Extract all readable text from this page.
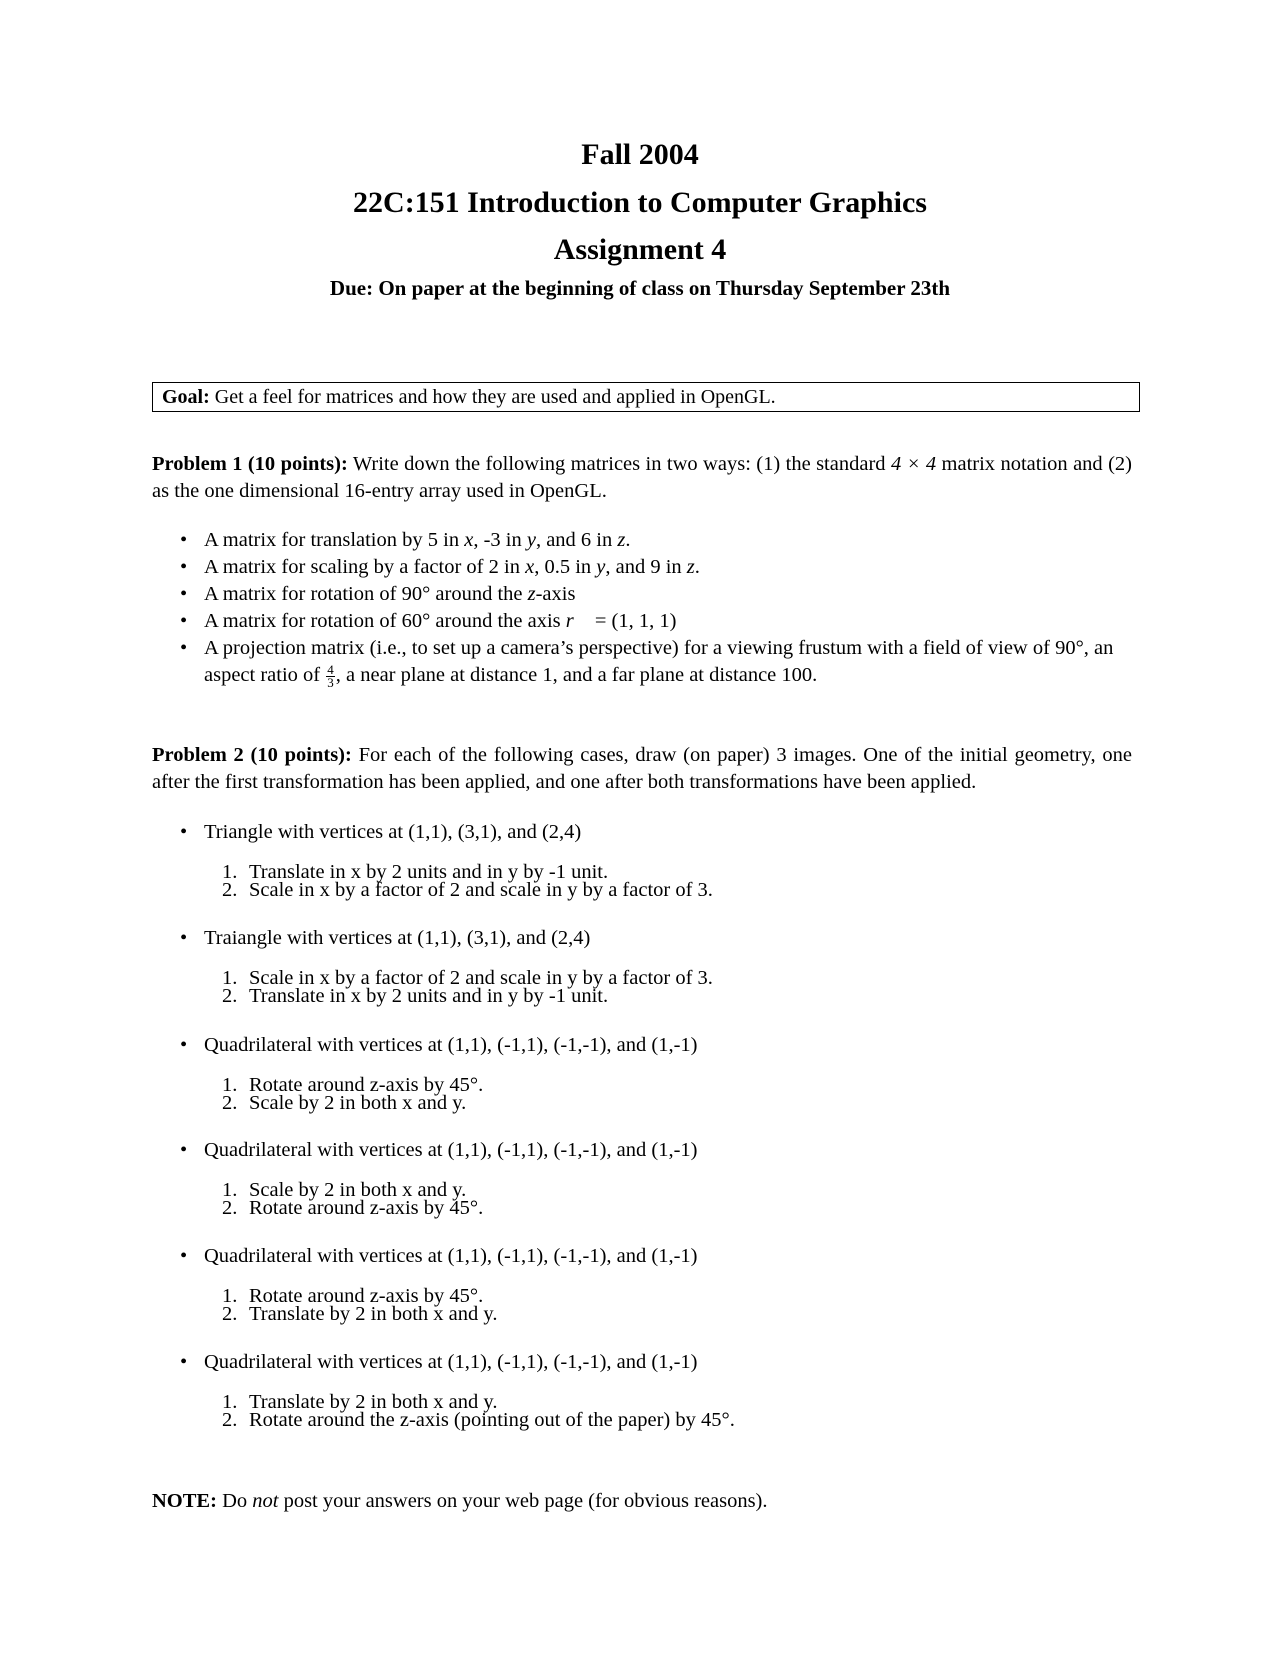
Fall 2004
22C:151 Introduction to Computer Graphics
Assignment 4
Due: On paper at the beginning of class on Thursday September 23th
Goal: Get a feel for matrices and how they are used and applied in OpenGL.
Problem 1 (10 points): Write down the following matrices in two ways: (1) the standard 4 × 4 matrix notation and (2) as the one dimensional 16-entry array used in OpenGL.
• A matrix for translation by 5 in x, -3 in y, and 6 in z.
• A matrix for scaling by a factor of 2 in x, 0.5 in y, and 9 in z.
• A matrix for rotation of 90° around the z-axis
• A matrix for rotation of 60° around the axis r⃗ = (1, 1, 1)
• A projection matrix (i.e., to set up a camera’s perspective) for a viewing frustum with a field of view of 90°, an aspect ratio of $\frac{4}{3}$ , a near plane at distance 1, and a far plane at distance 100.
Problem 2 (10 points): For each of the following cases, draw (on paper) 3 images. One of the initial geometry, one after the first transformation has been applied, and one after both transformations have been applied.
• Triangle with vertices at (1,1), (3,1), and (2,4)
1. Translate in x by 2 units and in y by -1 unit.
2. Scale in x by a factor of 2 and scale in y by a factor of 3.
• Traiangle with vertices at (1,1), (3,1), and (2,4)
1. Scale in x by a factor of 2 and scale in y by a factor of 3.
2. Translate in x by 2 units and in y by -1 unit.
• Quadrilateral with vertices at (1,1), (-1,1), (-1,-1), and (1,-1)
1. Rotate around z-axis by 45°.
2. Scale by 2 in both x and y.
• Quadrilateral with vertices at (1,1), (-1,1), (-1,-1), and (1,-1)
1. Scale by 2 in both x and y.
2. Rotate around z-axis by 45°.
• Quadrilateral with vertices at (1,1), (-1,1), (-1,-1), and (1,-1)
1. Rotate around z-axis by 45°.
2. Translate by 2 in both x and y.
• Quadrilateral with vertices at (1,1), (-1,1), (-1,-1), and (1,-1)
1. Translate by 2 in both x and y.
2. Rotate around the z-axis (pointing out of the paper) by 45°.
NOTE: Do not post your answers on your web page (for obvious reasons).
